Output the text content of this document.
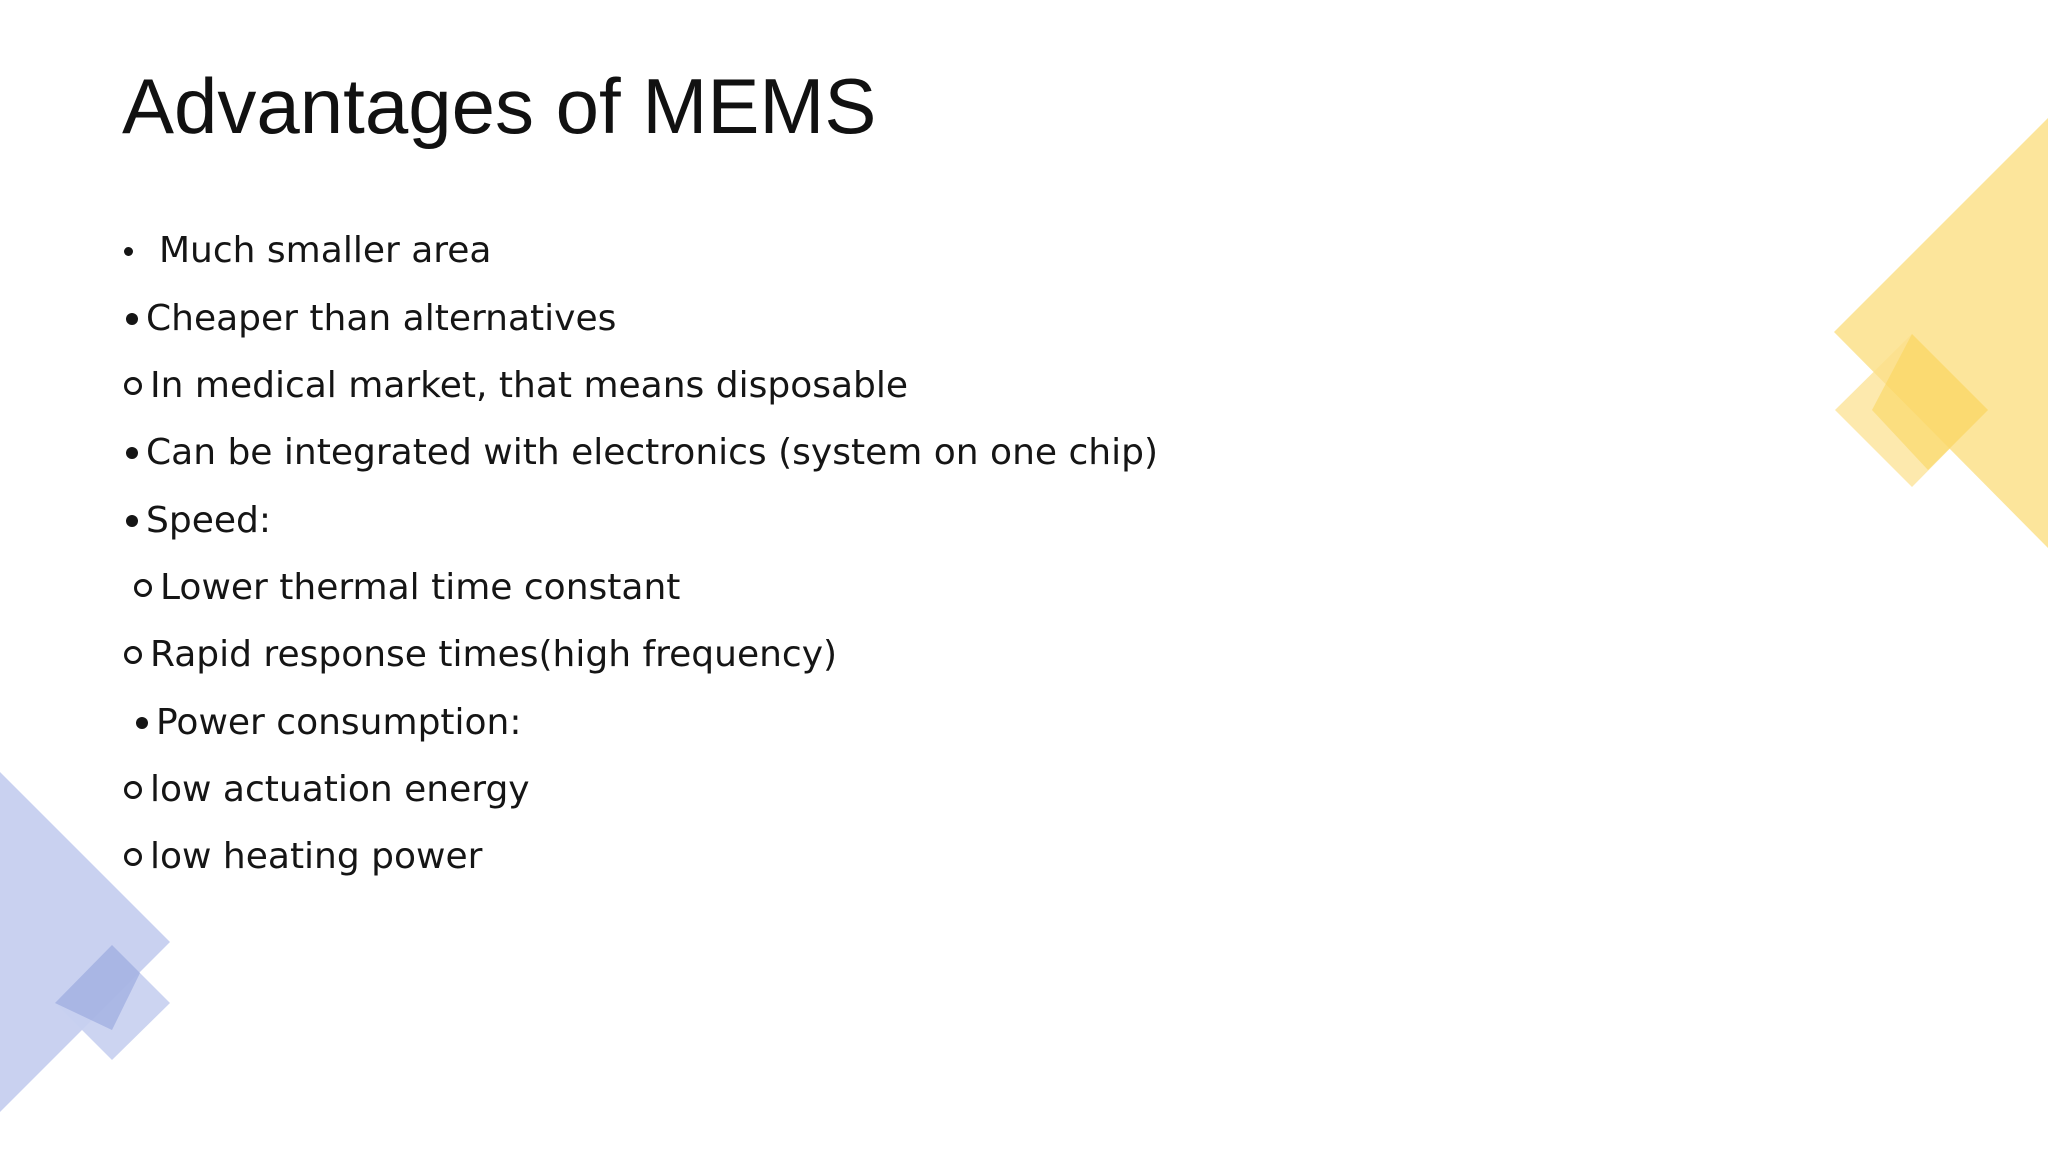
Advantages of MEMS
Much smaller area
Cheaper than alternatives
In medical market, that means disposable
Can be integrated with electronics (system on one chip)
Speed:
Lower thermal time constant
Rapid response times(high frequency)
Power consumption:
low actuation energy
low heating power
